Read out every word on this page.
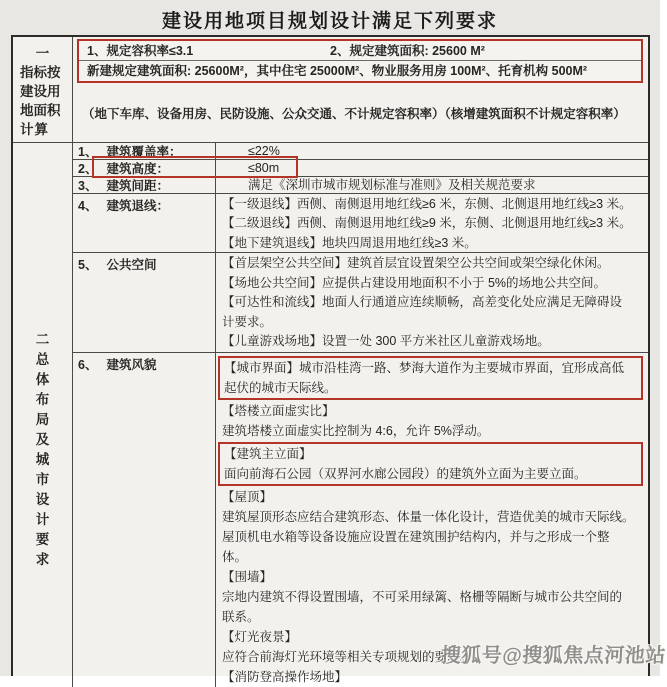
建设用地项目规划设计满足下列要求
一
指标按
建设用
地面积
计算
1、规定容积率≤3.1	2、规定建筑面积: 25600 M²
新建规定建筑面积: 25600M²，其中住宅 25000M²、物业服务用房 100M²、托育机构 500M²
（地下车库、设备用房、民防设施、公众交通、不计规定容积率）（核增建筑面积不计规定容积率）
二
总
体
布
局
及
城
市
设
计
要
求
1、 建筑覆盖率：	≤22%
2、 建筑高度：	≤80m
3、 建筑间距：	满足《深圳市城市规划标准与准则》及相关规范要求
4、 建筑退线：	【一级退线】西侧、南侧退用地红线≥6 米，东侧、北侧退用地红线≥3 米。
【二级退线】西侧、南侧退用地红线≥9 米，东侧、北侧退用地红线≥3 米。
【地下建筑退线】地块四周退用地红线≥3 米。
5、 公共空间	【首层架空公共空间】建筑首层宜设置架空公共空间或架空绿化休闲。
【场地公共空间】应提供占建设用地面积不小于 5%的场地公共空间。
【可达性和流线】地面人行通道应连续顺畅，高差变化处应满足无障碍设
计要求。
【儿童游戏场地】设置一处 300 平方米社区儿童游戏场地。
6、 建筑风貌	【城市界面】城市沿桂湾一路、梦海大道作为主要城市界面，宜形成高低
起伏的城市天际线。
【塔楼立面虚实比】
建筑塔楼立面虚实比控制为 4:6，允许 5%浮动。
【建筑主立面】
面向前海石公园（双界河水廊公园段）的建筑外立面为主要立面。
【屋顶】
建筑屋顶形态应结合建筑形态、体量一体化设计，营造优美的城市天际线。
屋顶机电水箱等设备设施应设置在建筑围护结构内，并与之形成一个整
体。
【围墙】
宗地内建筑不得设置围墙，不可采用绿篱、格栅等隔断与城市公共空间的
联系。
【灯光夜景】
应符合前海灯光环境等相关专项规划的要求。
【消防登高操作场地】
搜狐号@搜狐焦点河池站
